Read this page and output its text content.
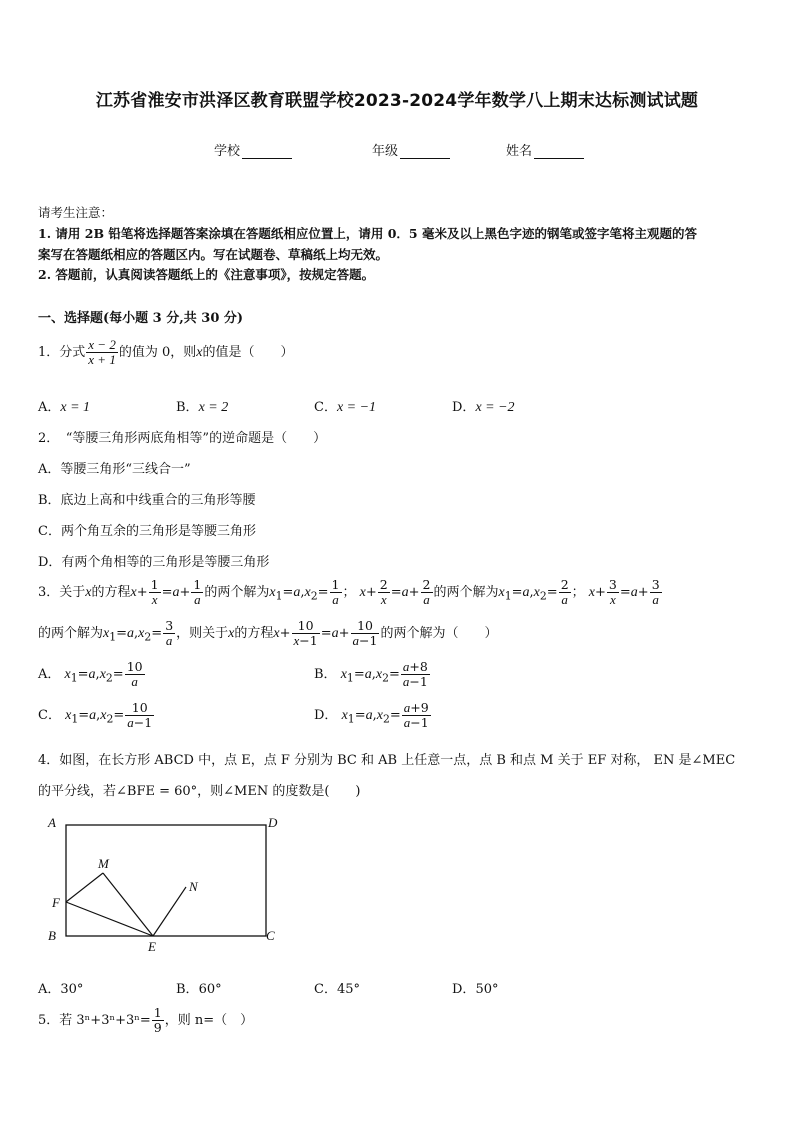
江苏省淮安市洪泽区教育联盟学校2023-2024学年数学八上期末达标测试试题
学校	年级	姓名
请考生注意：
1. 请用 2B 铅笔将选择题答案涂填在答题纸相应位置上，请用 0．5 毫米及以上黑色字迹的钢笔或签字笔将主观题的答
案写在答题纸相应的答题区内。写在试题卷、草稿纸上均无效。
2. 答题前，认真阅读答题纸上的《注意事项》，按规定答题。
一、选择题(每小题 3 分,共 30 分)
1．分式 $\frac{x - 2}{x + 1}$ 的值为 0，则x的值是（　　）
A．x = 1	B．x = 2	C．x = −1	D．x = −2
2．　“等腰三角形两底角相等”的逆命题是（　　）
A．等腰三角形“三线合一”
B．底边上高和中线重合的三角形等腰
C．两个角互余的三角形是等腰三角形
D．有两个角相等的三角形是等腰三角形
3．关于x的方程$x+ \frac{1}{x} =a+ \frac{1}{a}$ 的两个解为$x_1=a,x_2= \frac{1}{a}$ ； $x+ \frac{2}{x} =a+ \frac{2}{a}$ 的两个解为$x_1=a,x_2= \frac{2}{a}$ ； $x+ \frac{3}{x} =a+ \frac{3}{a}$
的两个解为$x_1=a,x_2= \frac{3}{a}$ ，则关于x的方程$x+ \frac{10}{x-1} =a+ \frac{10}{a-1}$ 的两个解为（　　）
A． $x_1=a,x_2= \frac{10}{a}$	B． $x_1=a,x_2= \frac{a+8}{a-1}$
C． $x_1=a,x_2= \frac{10}{a-1}$	D． $x_1=a,x_2= \frac{a+9}{a-1}$
4．如图，在长方形 ABCD 中，点 E，点 F 分别为 BC 和 AB 上任意一点，点 B 和点 M 关于 EF 对称， EN 是∠MEC
的平分线，若∠BFE = 60°，则∠MEN 的度数是(　　)
A	D
B	C
E
F
M
N
A．30°	B．60°	C．45°	D．50°
5．若 $3^n+3^n+3^n= \frac{1}{9}$ ，则 n=（　）
